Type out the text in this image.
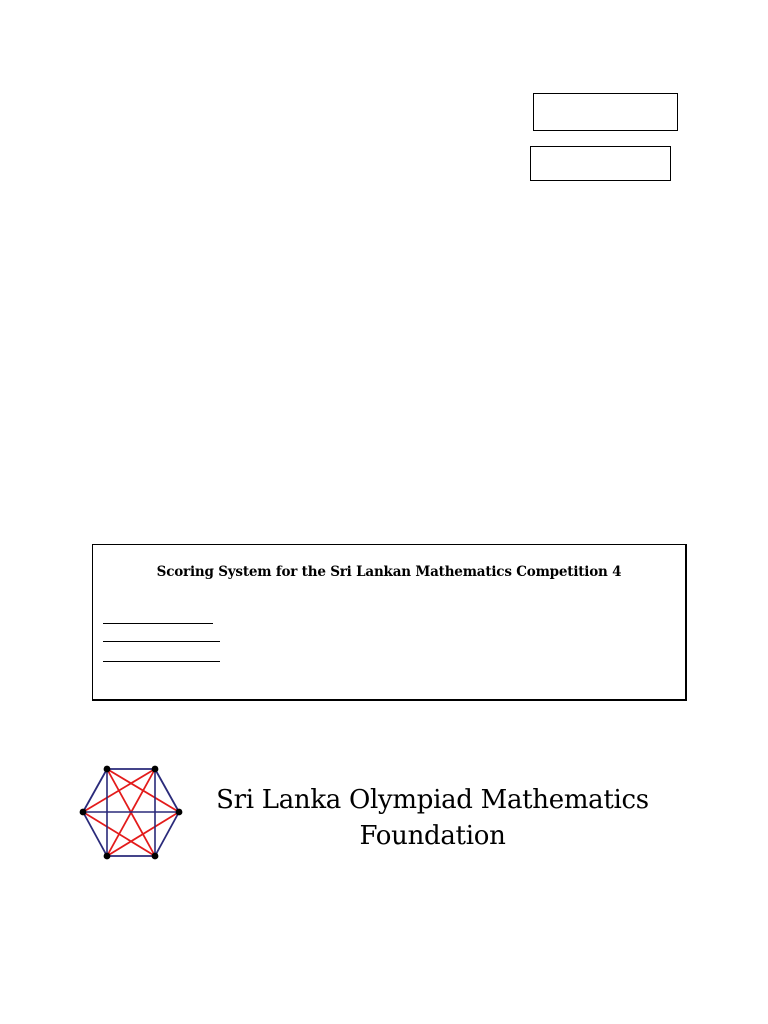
Scoring System for the Sri Lankan Mathematics Competition 4
Sri Lanka Olympiad Mathematics
Foundation
